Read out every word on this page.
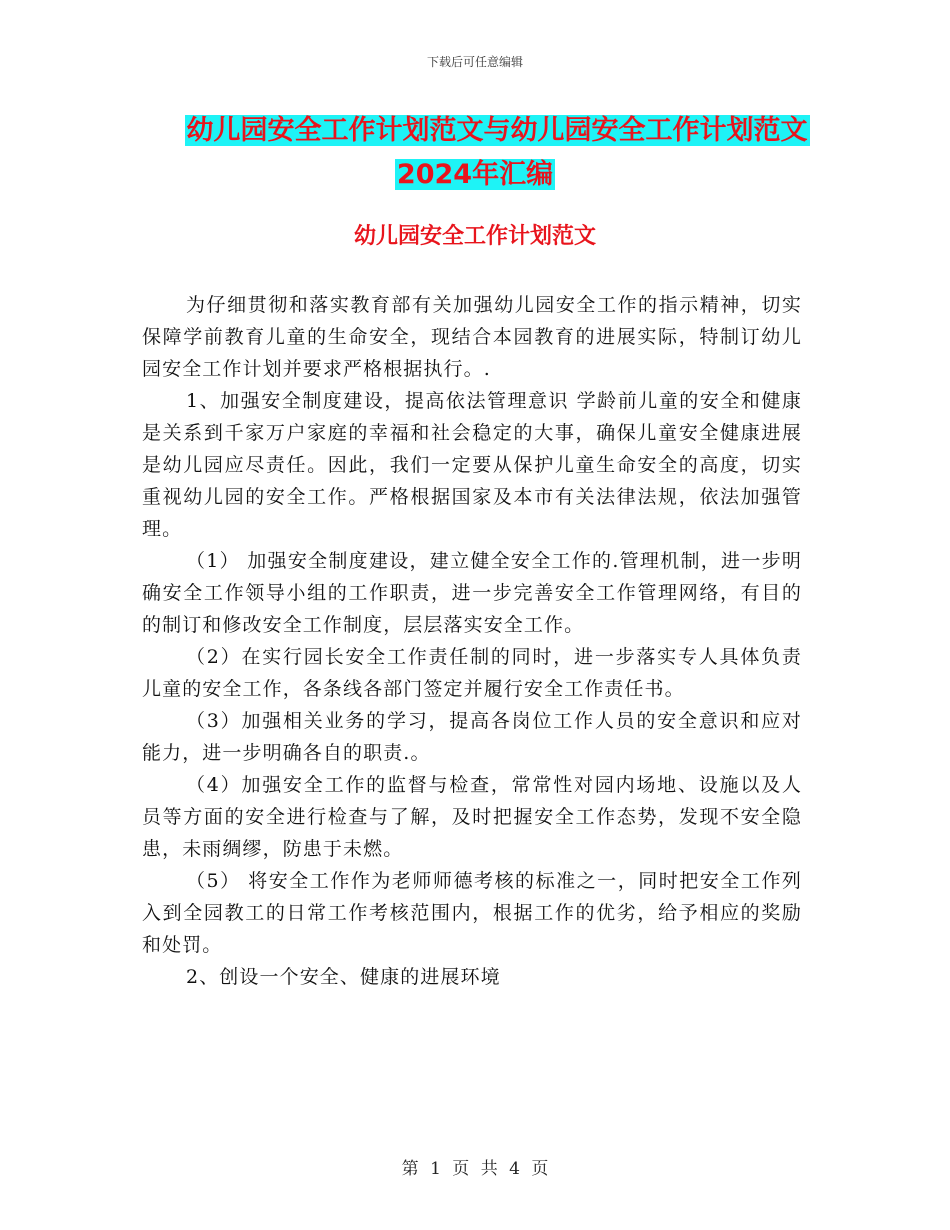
下载后可任意编辑
幼儿园安全工作计划范文与幼儿园安全工作计划范文
2024年汇编
幼儿园安全工作计划范文

为仔细贯彻和落实教育部有关加强幼儿园安全工作的指示精神，切实保障学前教育儿童的生命安全，现结合本园教育的进展实际，特制订幼儿园安全工作计划并要求严格根据执行。.

1、加强安全制度建设，提高依法管理意识 学龄前儿童的安全和健康是关系到千家万户家庭的幸福和社会稳定的大事，确保儿童安全健康进展是幼儿园应尽责任。因此，我们一定要从保护儿童生命安全的高度，切实重视幼儿园的安全工作。严格根据国家及本市有关法律法规，依法加强管理。

（1） 加强安全制度建设，建立健全安全工作的.管理机制，进一步明确安全工作领导小组的工作职责，进一步完善安全工作管理网络，有目的的制订和修改安全工作制度，层层落实安全工作。

（2）在实行园长安全工作责任制的同时，进一步落实专人具体负责儿童的安全工作，各条线各部门签定并履行安全工作责任书。

（3）加强相关业务的学习，提高各岗位工作人员的安全意识和应对能力，进一步明确各自的职责.。

（4）加强安全工作的监督与检查，常常性对园内场地、设施以及人员等方面的安全进行检查与了解，及时把握安全工作态势，发现不安全隐患，未雨绸缪，防患于未燃。

（5） 将安全工作作为老师师德考核的标准之一，同时把安全工作列入到全园教工的日常工作考核范围内，根据工作的优劣，给予相应的奖励和处罚。

2、创设一个安全、健康的进展环境

第 1 页 共 4 页
